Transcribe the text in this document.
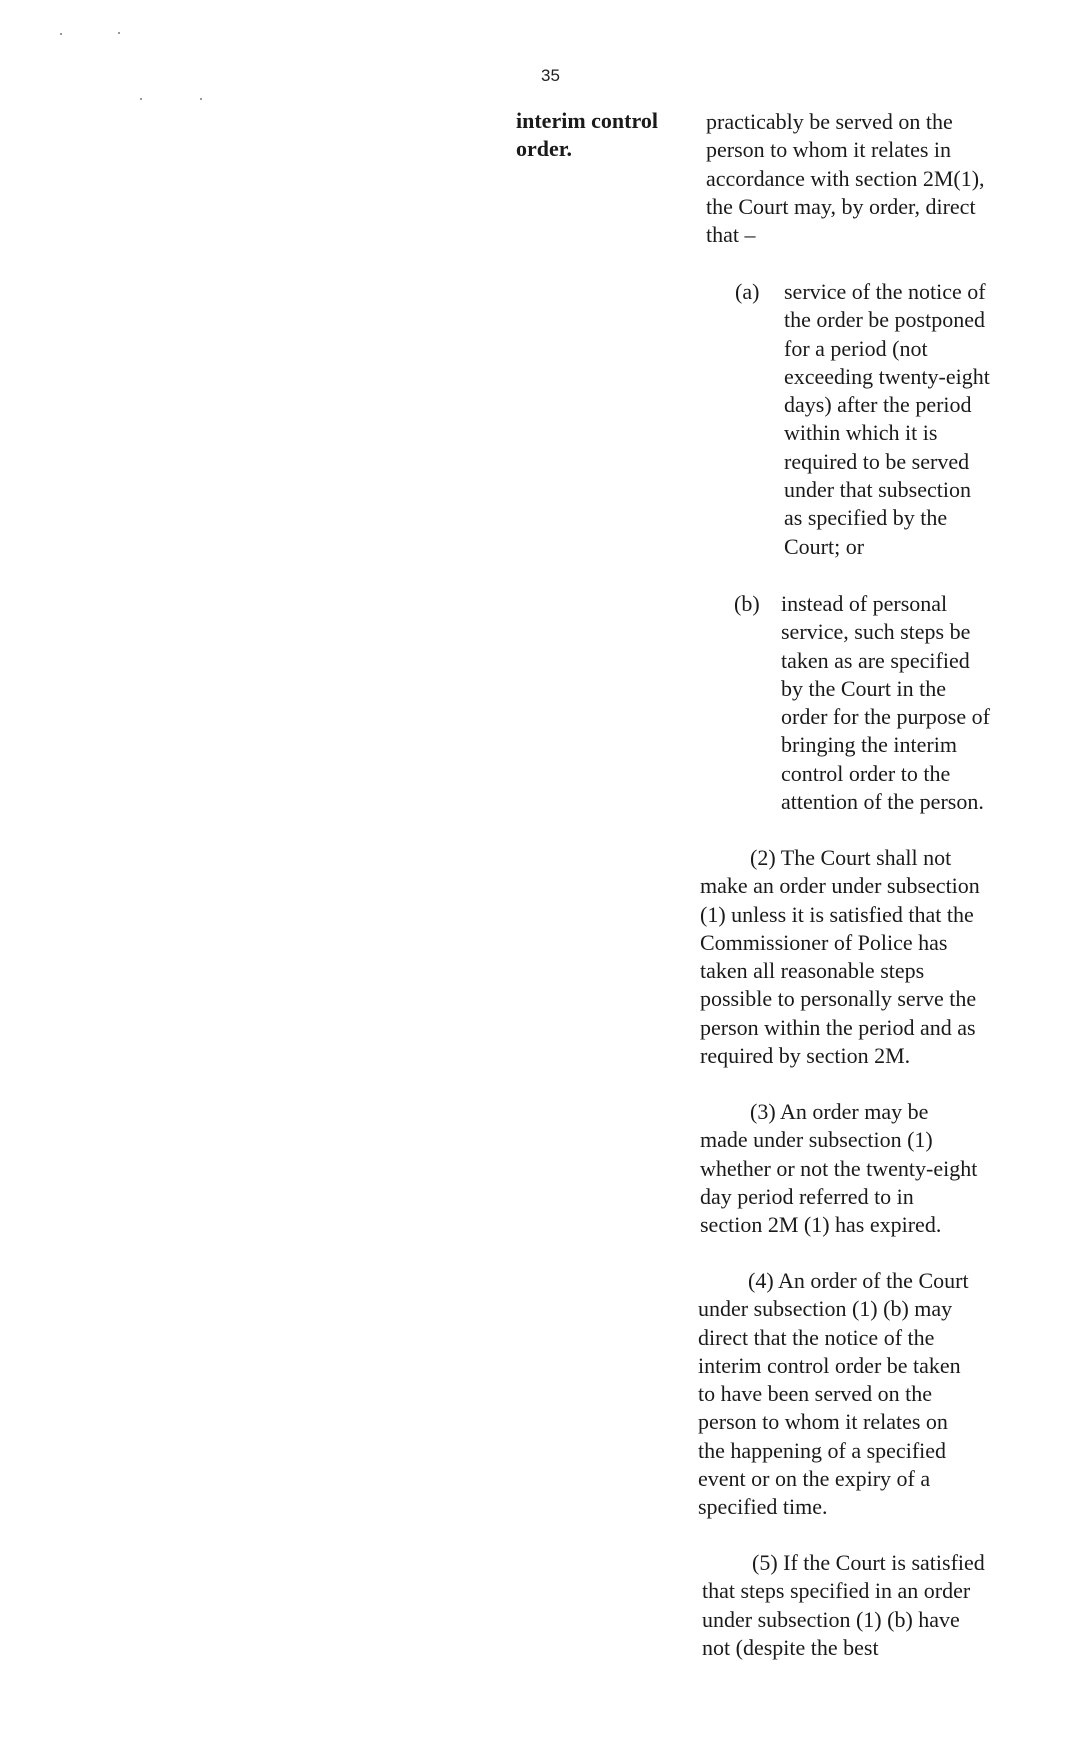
35
interim control
order.
practicably be served on the
person to whom it relates in
accordance with section 2M(1),
the Court may, by order, direct
that –
(a) service of the notice of
the order be postponed
for a period (not
exceeding twenty-eight
days) after the period
within which it is
required to be served
under that subsection
as specified by the
Court; or
(b) instead of personal
service, such steps be
taken as are specified
by the Court in the
order for the purpose of
bringing the interim
control order to the
attention of the person.
(2) The Court shall not
make an order under subsection
(1) unless it is satisfied that the
Commissioner of Police has
taken all reasonable steps
possible to personally serve the
person within the period and as
required by section 2M.
(3) An order may be
made under subsection (1)
whether or not the twenty-eight
day period referred to in
section 2M (1) has expired.
(4) An order of the Court
under subsection (1) (b) may
direct that the notice of the
interim control order be taken
to have been served on the
person to whom it relates on
the happening of a specified
event or on the expiry of a
specified time.
(5) If the Court is satisfied
that steps specified in an order
under subsection (1) (b) have
not (despite the best
